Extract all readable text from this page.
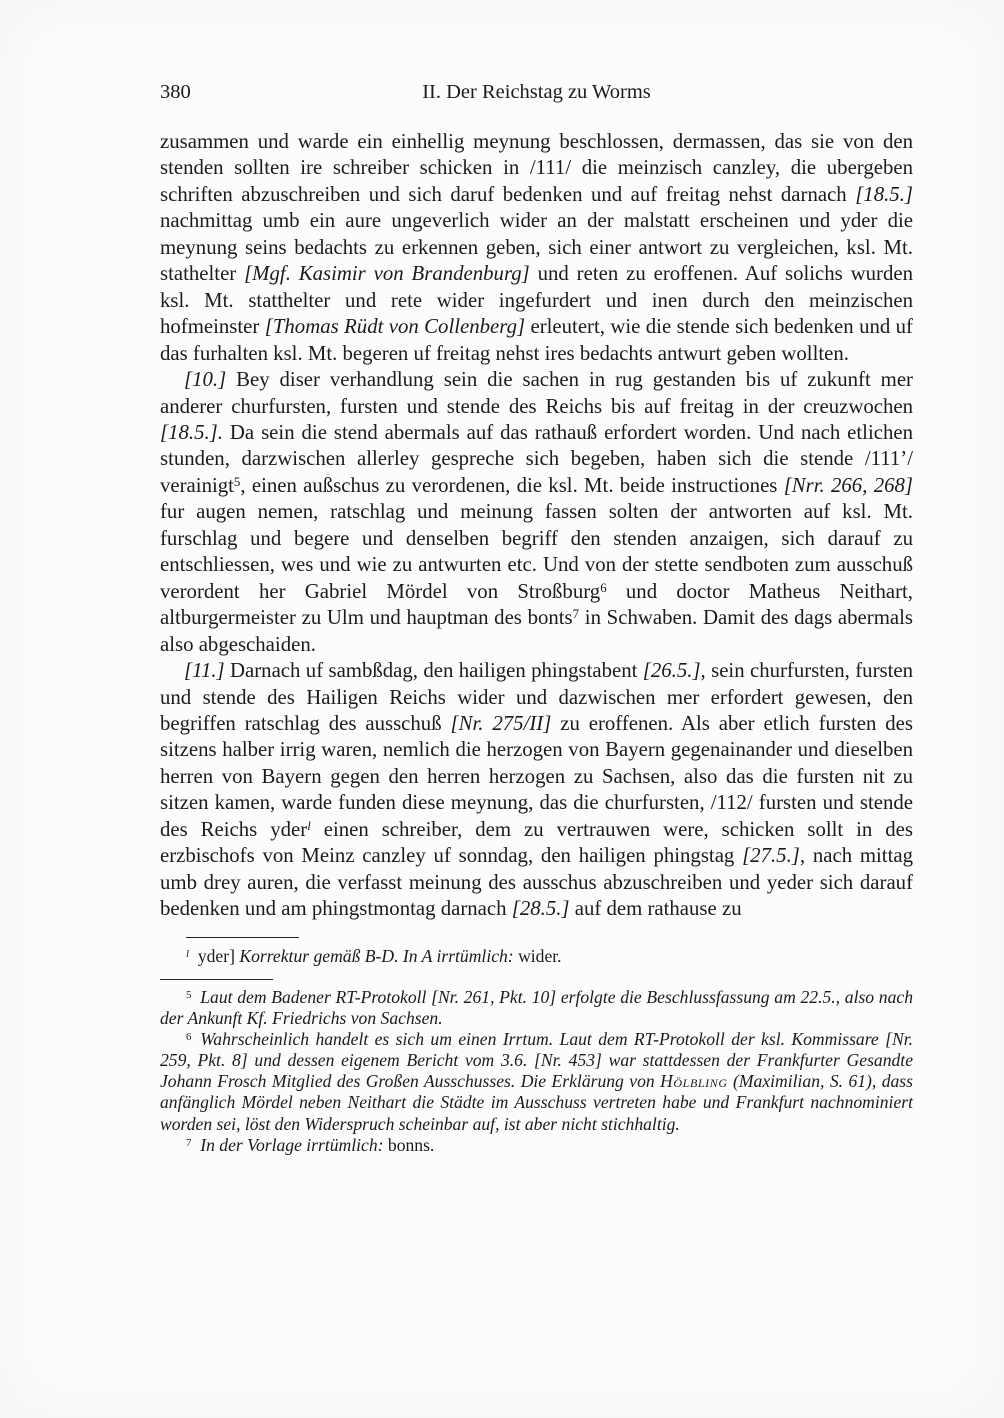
380	II. Der Reichstag zu Worms

zusammen und warde ein einhellig meynung beschlossen, dermassen, das sie von den stenden sollten ire schreiber schicken in /111/ die meinzisch canzley, die ubergeben schriften abzuschreiben und sich daruf bedenken und auf freitag nehst darnach [18.5.] nachmittag umb ein aure ungeverlich wider an der malstatt erscheinen und yder die meynung seins bedachts zu erkennen geben, sich einer antwort zu vergleichen, ksl. Mt. stathelter [Mgf. Kasimir von Brandenburg] und reten zu eroffenen. Auf solichs wurden ksl. Mt. statthelter und rete wider ingefurdert und inen durch den meinzischen hofmeinster [Thomas Rüdt von Collenberg] erleutert, wie die stende sich bedenken und uf das furhalten ksl. Mt. begeren uf freitag nehst ires bedachts antwurt geben wollten.

[10.] Bey diser verhandlung sein die sachen in rug gestanden bis uf zukunft mer anderer churfursten, fursten und stende des Reichs bis auf freitag in der creuzwochen [18.5.]. Da sein die stend abermals auf das rathauß erfordert worden. Und nach etlichen stunden, darzwischen allerley gespreche sich begeben, haben sich die stende /111’/ verainigt$^5$, einen außschus zu verordenen, die ksl. Mt. beide instructiones [Nrr. 266, 268] fur augen nemen, ratschlag und meinung fassen solten der antworten auf ksl. Mt. furschlag und begere und denselben begriff den stenden anzaigen, sich darauf zu entschliessen, wes und wie zu antwurten etc. Und von der stette sendboten zum ausschuß verordent her Gabriel Mördel von Stroßburg$^6$ und doctor Matheus Neithart, altburgermeister zu Ulm und hauptman des bonts$^7$ in Schwaben. Damit des dags abermals also abgeschaiden.

[11.] Darnach uf sambßdag, den hailigen phingstabent [26.5.], sein churfursten, fursten und stende des Hailigen Reichs wider und dazwischen mer erfordert gewesen, den begriffen ratschlag des ausschuß [Nr. 275/II] zu eroffenen. Als aber etlich fursten des sitzens halber irrig waren, nemlich die herzogen von Bayern gegenainander und dieselben herren von Bayern gegen den herren herzogen zu Sachsen, also das die fursten nit zu sitzen kamen, warde funden diese meynung, das die churfursten, /112/ fursten und stende des Reichs yder$^l$ einen schreiber, dem zu vertrauwen were, schicken sollt in des erzbischofs von Meinz canzley uf sonndag, den hailigen phingstag [27.5.], nach mittag umb drey auren, die verfasst meinung des ausschus abzuschreiben und yeder sich darauf bedenken und am phingstmontag darnach [28.5.] auf dem rathause zu

$^l$  yder] Korrektur gemäß B-D. In A irrtümlich: wider.

$^5$  Laut dem Badener RT-Protokoll [Nr. 261, Pkt. 10] erfolgte die Beschlussfassung am 22.5., also nach der Ankunft Kf. Friedrichs von Sachsen.

$^6$  Wahrscheinlich handelt es sich um einen Irrtum. Laut dem RT-Protokoll der ksl. Kommissare [Nr. 259, Pkt. 8] und dessen eigenem Bericht vom 3.6. [Nr. 453] war stattdessen der Frankfurter Gesandte Johann Frosch Mitglied des Großen Ausschusses. Die Erklärung von Hölbling (Maximilian, S. 61), dass anfänglich Mördel neben Neithart die Städte im Ausschuss vertreten habe und Frankfurt nachnominiert worden sei, löst den Widerspruch scheinbar auf, ist aber nicht stichhaltig.

$^7$  In der Vorlage irrtümlich: bonns.
